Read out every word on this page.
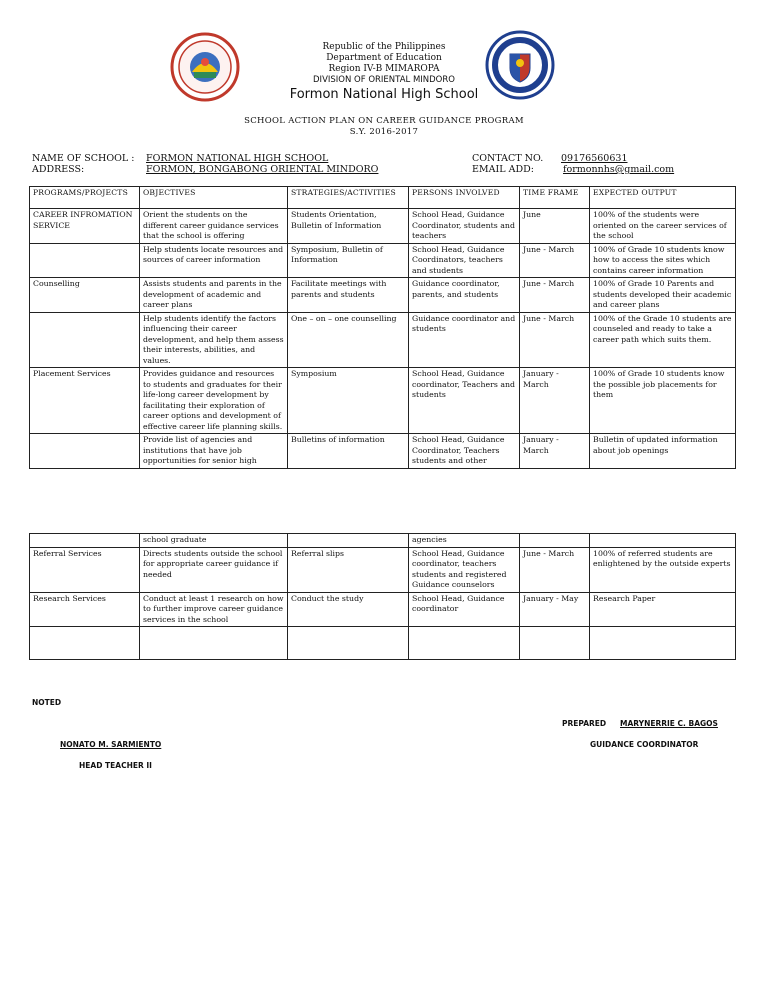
Republic of the Philippines
Department of Education
Region IV-B MIMAROPA
DIVISION OF ORIENTAL MINDORO
Formon National High School
SCHOOL ACTION PLAN ON CAREER GUIDANCE PROGRAM
S.Y. 2016-2017
NAME OF SCHOOL : FORMON NATIONAL HIGH SCHOOL
ADDRESS:	FORMON, BONGABONG ORIENTAL MINDORO
CONTACT NO.	09176560631
EMAIL ADD:	formonnhs@gmail.com
PROGRAMS/PROJECTS	OBJECTIVES	STRATEGIES/ACTIVITIES	PERSONS INVOLVED	TIME FRAME	EXPECTED OUTPUT
CAREER INFROMATION SERVICE	Orient the students on the different career guidance services that the school is offering	Students Orientation, Bulletin of Information	School Head, Guidance Coordinator, students and teachers	June	100% of the students were oriented on the career services of the school
	Help students locate resources and sources of career information	Symposium, Bulletin of Information	School Head, Guidance Coordinators, teachers and students	June - March	100% of Grade 10 students know how to access the sites which contains career information
Counselling	Assists students and parents in the development of academic and career plans	Facilitate meetings with parents and students	Guidance coordinator, parents, and students	June - March	100% of Grade 10 Parents and students developed their academic and career plans
	Help students identify the factors influencing their career development, and help them assess their interests, abilities, and values.	One – on – one counselling	Guidance coordinator and students	June - March	100% of the Grade 10 students are counseled and ready to take a career path which suits them.
Placement Services	Provides guidance and resources to students and graduates for their life-long career development by facilitating their exploration of career options and development of effective career life planning skills.	Symposium	School Head, Guidance coordinator, Teachers and students	January - March	100% of Grade 10 students know the possible job placements for them
	Provide list of agencies and institutions that have job opportunities for senior high	Bulletins of information	School Head, Guidance Coordinator, Teachers students and other	January - March	Bulletin of updated information about job openings
	school graduate		agencies		
Referral Services	Directs students outside the school for appropriate career guidance if needed	Referral slips	School Head, Guidance coordinator, teachers students and registered Guidance counselors	June - March	100% of referred students are enlightened by the outside experts
Research Services	Conduct at least 1 research on how to further improve career guidance services in the school	Conduct the study	School Head, Guidance coordinator	January - May	Research Paper

NOTED
PREPARED	MARYNERRIE C. BAGOS
GUIDANCE COORDINATOR
NONATO M. SARMIENTO
HEAD TEACHER II
